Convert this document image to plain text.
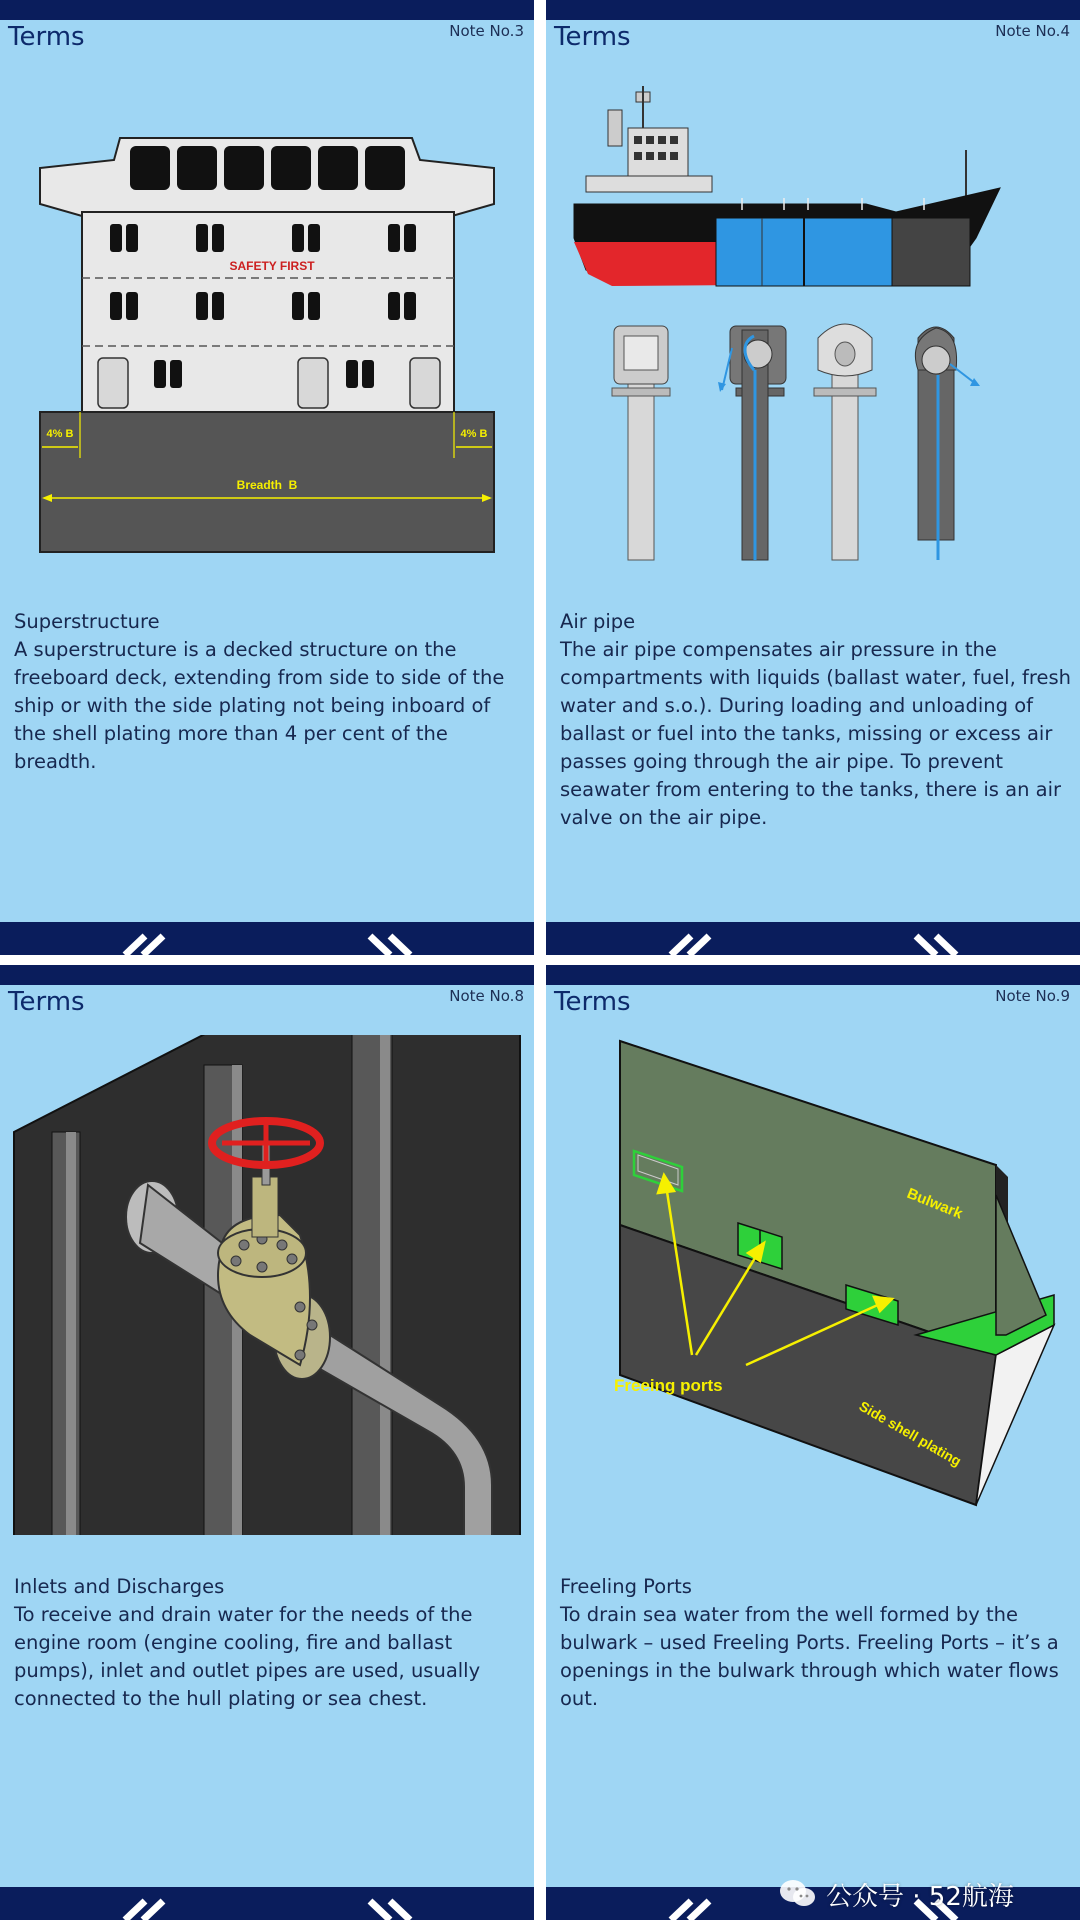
Terms	Note No.3
SAFETY FIRST
4% B	4% B
Breadth  B
Superstructure
A superstructure is a decked structure on the freeboard deck, extending from side to side of the ship or with the side plating not being inboard of the shell plating more than 4 per cent of the breadth.
Terms	Note No.4
Air pipe
The air pipe compensates air pressure in the compartments with liquids (ballast water, fuel, fresh water and s.o.). During loading and unloading of ballast or fuel into the tanks, missing or excess air passes going through the air pipe. To prevent seawater from entering to the tanks, there is an air valve on the air pipe.
Terms	Note No.8
Inlets and Discharges
To receive and drain water for the needs of the engine room (engine cooling, fire and ballast pumps), inlet and outlet pipes are used, usually connected to the hull plating or sea chest.
Terms	Note No.9
Freeing ports
Bulwark
Side shell plating
Freeling Ports
To drain sea water from the well formed by the bulwark – used Freeling Ports. Freeling Ports – it’s a openings in the bulwark through which water flows out.
公众号 · 52航海
